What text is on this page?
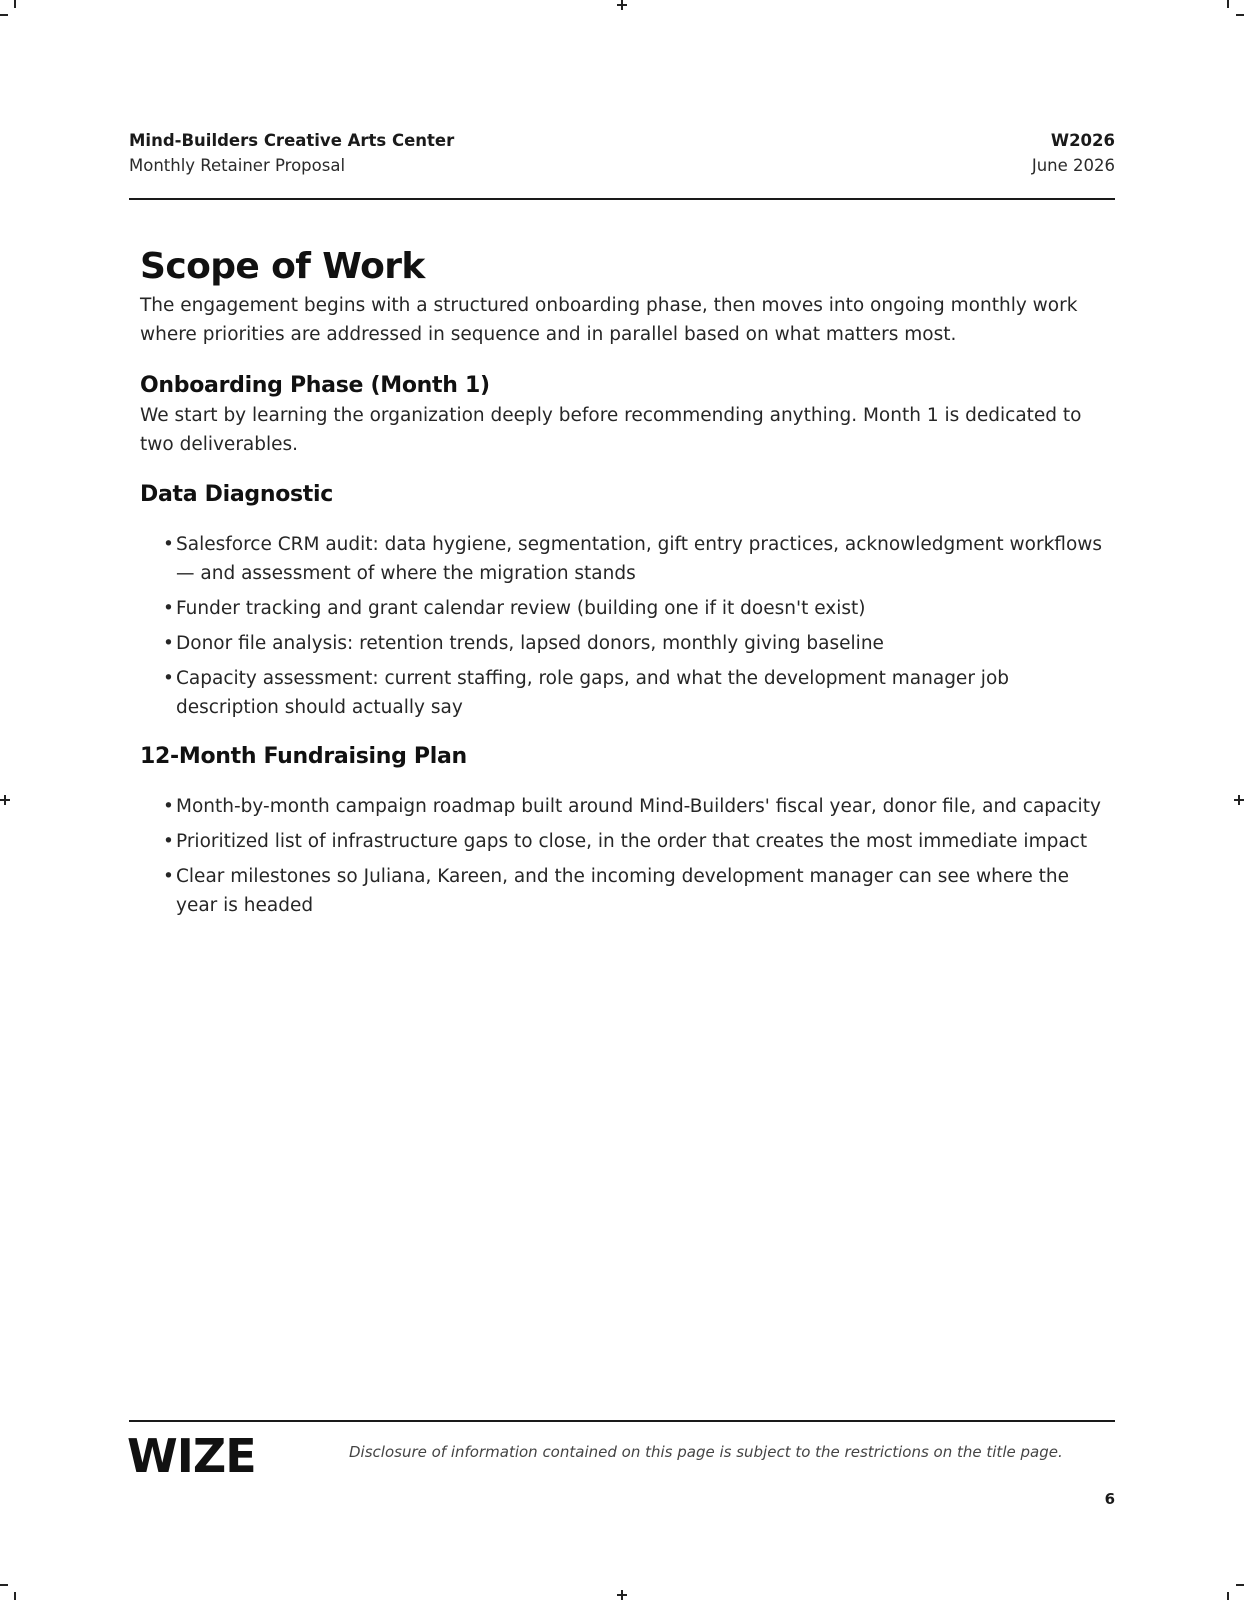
Mind-Builders Creative Arts Center
Monthly Retainer Proposal
W2026
June 2026
Scope of Work

The engagement begins with a structured onboarding phase, then moves into ongoing monthly work where priorities are addressed in sequence and in parallel based on what matters most.

Onboarding Phase (Month 1)

We start by learning the organization deeply before recommending anything. Month 1 is dedicated to two deliverables.

Data Diagnostic
• Salesforce CRM audit: data hygiene, segmentation, gift entry practices, acknowledgment workflows — and assessment of where the migration stands
• Funder tracking and grant calendar review (building one if it doesn't exist)
• Donor file analysis: retention trends, lapsed donors, monthly giving baseline
• Capacity assessment: current staffing, role gaps, and what the development manager job description should actually say
12-Month Fundraising Plan
• Month-by-month campaign roadmap built around Mind-Builders' fiscal year, donor file, and capacity
• Prioritized list of infrastructure gaps to close, in the order that creates the most immediate impact
• Clear milestones so Juliana, Kareen, and the incoming development manager can see where the year is headed
WIZE	Disclosure of information contained on this page is subject to the restrictions on the title page.
6
